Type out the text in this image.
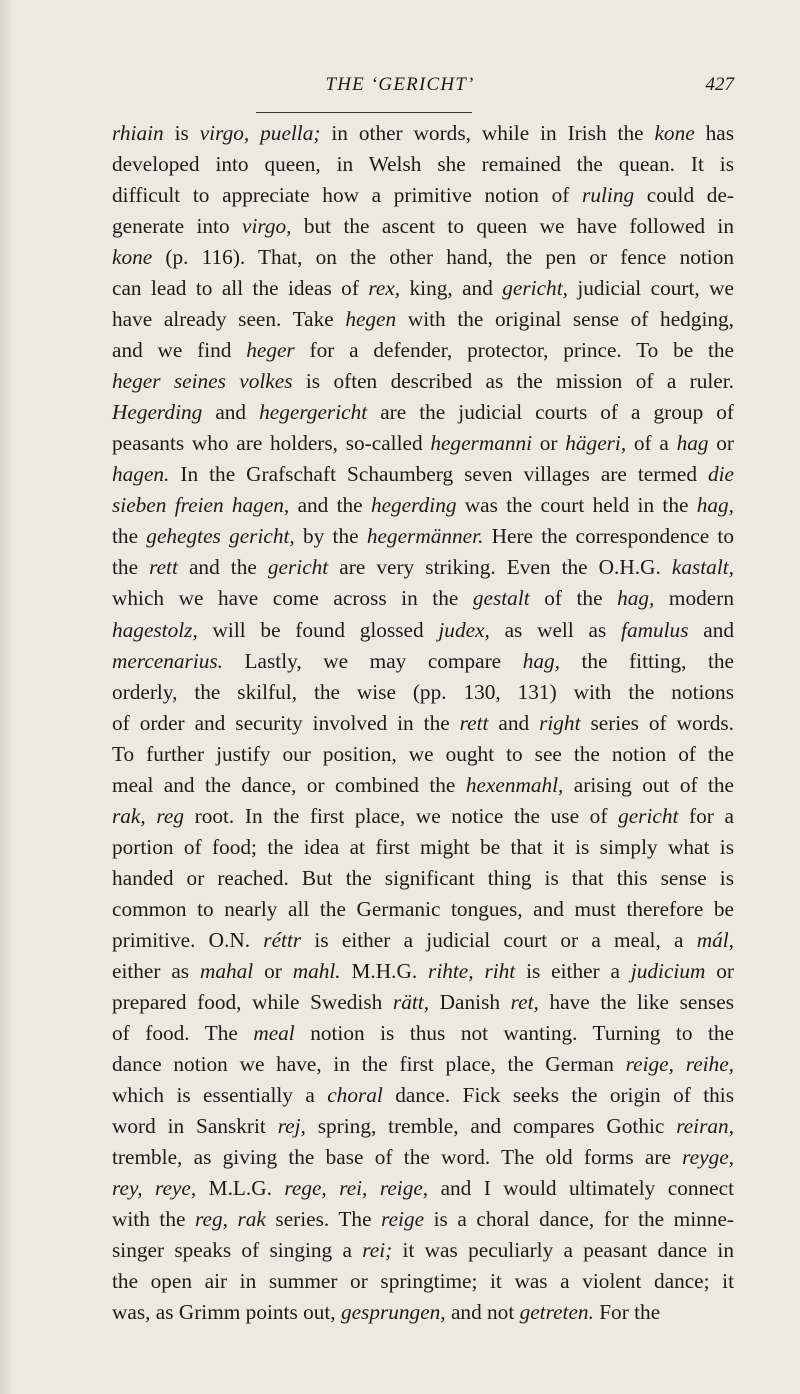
THE ‘GERICHT’	427
rhiain is virgo, puella; in other words, while in Irish the kone has
developed into queen, in Welsh she remained the quean. It is
difficult to appreciate how a primitive notion of ruling could de-
generate into virgo, but the ascent to queen we have followed in
kone (p. 116). That, on the other hand, the pen or fence notion
can lead to all the ideas of rex, king, and gericht, judicial court, we
have already seen. Take hegen with the original sense of hedging,
and we find heger for a defender, protector, prince. To be the
heger seines volkes is often described as the mission of a ruler.
Hegerding and hegergericht are the judicial courts of a group of
peasants who are holders, so-called hegermanni or hägeri, of a hag or
hagen. In the Grafschaft Schaumberg seven villages are termed die
sieben freien hagen, and the hegerding was the court held in the hag,
the gehegtes gericht, by the hegermänner. Here the correspondence to
the rett and the gericht are very striking. Even the O.H.G. kastalt,
which we have come across in the gestalt of the hag, modern
hagestolz, will be found glossed judex, as well as famulus and
mercenarius. Lastly, we may compare hag, the fitting, the
orderly, the skilful, the wise (pp. 130, 131) with the notions
of order and security involved in the rett and right series of words.
To further justify our position, we ought to see the notion of the
meal and the dance, or combined the hexenmahl, arising out of the
rak, reg root. In the first place, we notice the use of gericht for a
portion of food; the idea at first might be that it is simply what is
handed or reached. But the significant thing is that this sense is
common to nearly all the Germanic tongues, and must therefore be
primitive. O.N. réttr is either a judicial court or a meal, a mál,
either as mahal or mahl. M.H.G. rihte, riht is either a judicium or
prepared food, while Swedish rätt, Danish ret, have the like senses
of food. The meal notion is thus not wanting. Turning to the
dance notion we have, in the first place, the German reige, reihe,
which is essentially a choral dance. Fick seeks the origin of this
word in Sanskrit rej, spring, tremble, and compares Gothic reiran,
tremble, as giving the base of the word. The old forms are reyge,
rey, reye, M.L.G. rege, rei, reige, and I would ultimately connect
with the reg, rak series. The reige is a choral dance, for the minne-
singer speaks of singing a rei; it was peculiarly a peasant dance in
the open air in summer or springtime; it was a violent dance; it
was, as Grimm points out, gesprungen, and not getreten. For the
